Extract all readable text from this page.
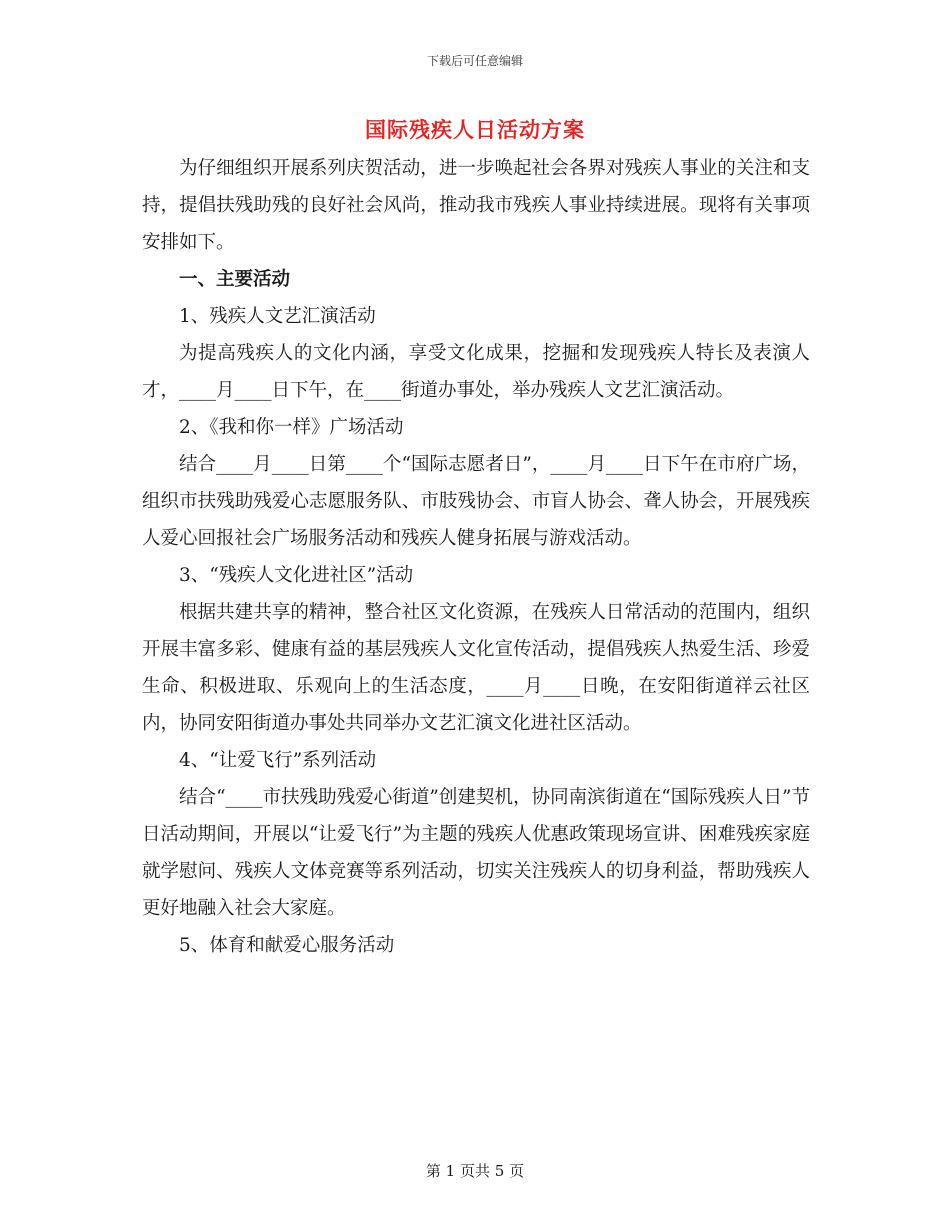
下载后可任意编辑
国际残疾人日活动方案

为仔细组织开展系列庆贺活动，进一步唤起社会各界对残疾人事业的关注和支持，提倡扶残助残的良好社会风尚，推动我市残疾人事业持续进展。现将有关事项安排如下。

一、主要活动

1、残疾人文艺汇演活动

为提高残疾人的文化内涵，享受文化成果，挖掘和发现残疾人特长及表演人才，____月____日下午，在____街道办事处，举办残疾人文艺汇演活动。

2、《我和你一样》广场活动

结合____月____日第____个“国际志愿者日”，____月____日下午在市府广场，组织市扶残助残爱心志愿服务队、市肢残协会、市盲人协会、聋人协会，开展残疾人爱心回报社会广场服务活动和残疾人健身拓展与游戏活动。

3、“残疾人文化进社区”活动

根据共建共享的精神，整合社区文化资源，在残疾人日常活动的范围内，组织开展丰富多彩、健康有益的基层残疾人文化宣传活动，提倡残疾人热爱生活、珍爱生命、积极进取、乐观向上的生活态度，____月____日晚，在安阳街道祥云社区内，协同安阳街道办事处共同举办文艺汇演文化进社区活动。

4、“让爱飞行”系列活动

结合“____市扶残助残爱心街道”创建契机，协同南滨街道在“国际残疾人日”节日活动期间，开展以“让爱飞行”为主题的残疾人优惠政策现场宣讲、困难残疾家庭就学慰问、残疾人文体竞赛等系列活动，切实关注残疾人的切身利益，帮助残疾人更好地融入社会大家庭。

5、体育和献爱心服务活动

第 1 页共 5 页
